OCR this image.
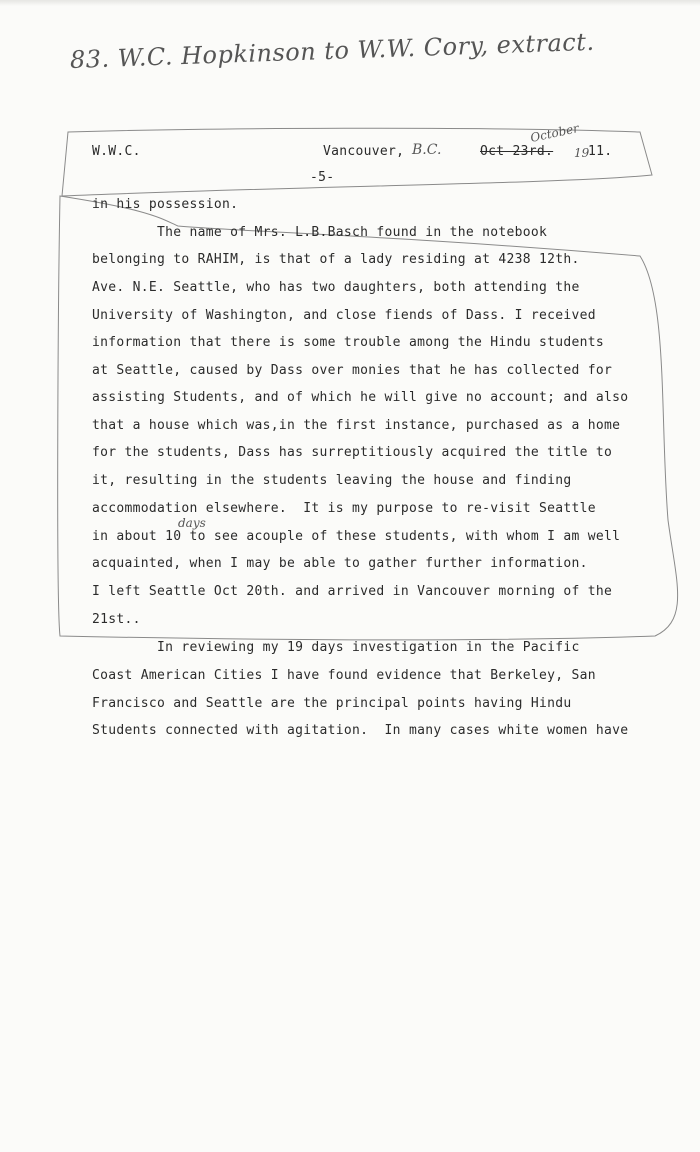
83. W.C. Hopkinson to W.W. Cory, extract.
W.W.C.	Vancouver, B.C.	Oct 23rd.
October
19
11.
-5-
days
in his possession.
The name of Mrs. L.B.Basch found in the notebook
belonging to RAHIM, is that of a lady residing at 4238 12th.
Ave. N.E. Seattle, who has two daughters, both attending the
University of Washington, and close fiends of Dass. I received
information that there is some trouble among the Hindu students
at Seattle, caused by Dass over monies that he has collected for
assisting Students, and of which he will give no account; and also
that a house which was,in the first instance, purchased as a home
for the students, Dass has surreptitiously acquired the title to
it, resulting in the students leaving the house and finding
accommodation elsewhere.  It is my purpose to re-visit Seattle
in about 10 to see acouple of these students, with whom I am well
acquainted, when I may be able to gather further information.
I left Seattle Oct 20th. and arrived in Vancouver morning of the
21st..
In reviewing my 19 days investigation in the Pacific
Coast American Cities I have found evidence that Berkeley, San
Francisco and Seattle are the principal points having Hindu
Students connected with agitation.  In many cases white women have
